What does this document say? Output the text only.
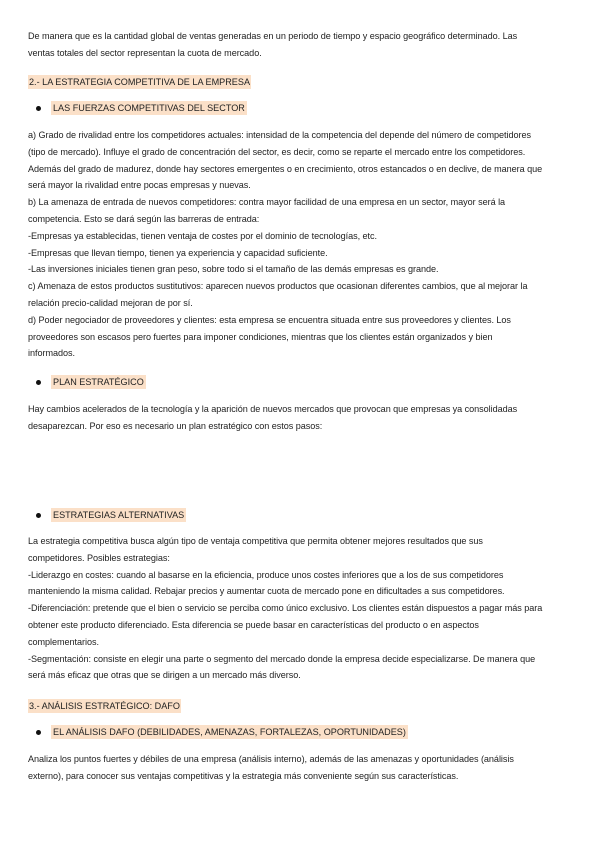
De manera que es la cantidad global de ventas generadas en un periodo de tiempo y espacio geográfico determinado. Las
ventas totales del sector representan la cuota de mercado.
2.- LA ESTRATEGIA COMPETITIVA DE LA EMPRESA
LAS FUERZAS COMPETITIVAS DEL SECTOR
a) Grado de rivalidad entre los competidores actuales: intensidad de la competencia del depende del número de competidores
(tipo de mercado). Influye el grado de concentración del sector, es decir, como se reparte el mercado entre los competidores.
Además del grado de madurez, donde hay sectores emergentes o en crecimiento, otros estancados o en declive, de manera que
será mayor la rivalidad entre pocas empresas y nuevas.
b) La amenaza de entrada de nuevos competidores: contra mayor facilidad de una empresa en un sector, mayor será la
competencia. Esto se dará según las barreras de entrada:
-Empresas ya establecidas, tienen ventaja de costes por el dominio de tecnologías, etc.
-Empresas que llevan tiempo, tienen ya experiencia y capacidad suficiente.
-Las inversiones iniciales tienen gran peso, sobre todo si el tamaño de las demás empresas es grande.
c) Amenaza de estos productos sustitutivos: aparecen nuevos productos que ocasionan diferentes cambios, que al mejorar la
relación precio-calidad mejoran de por sí.
d) Poder negociador de proveedores y clientes: esta empresa se encuentra situada entre sus proveedores y clientes. Los
proveedores son escasos pero fuertes para imponer condiciones, mientras que los clientes están organizados y bien
informados.
PLAN ESTRATÉGICO
Hay cambios acelerados de la tecnología y la aparición de nuevos mercados que provocan que empresas ya consolidadas
desaparezcan. Por eso es necesario un plan estratégico con estos pasos:
ESTRATEGIAS ALTERNATIVAS
La estrategia competitiva busca algún tipo de ventaja competitiva que permita obtener mejores resultados que sus
competidores. Posibles estrategias:
-Liderazgo en costes: cuando al basarse en la eficiencia, produce unos costes inferiores que a los de sus competidores
manteniendo la misma calidad. Rebajar precios y aumentar cuota de mercado pone en dificultades a sus competidores.
-Diferenciación: pretende que el bien o servicio se perciba como único exclusivo. Los clientes están dispuestos a pagar más para
obtener este producto diferenciado. Esta diferencia se puede basar en características del producto o en aspectos
complementarios.
-Segmentación: consiste en elegir una parte o segmento del mercado donde la empresa decide especializarse. De manera que
será más eficaz que otras que se dirigen a un mercado más diverso.
3.- ANÁLISIS ESTRATÉGICO: DAFO
EL ANÁLISIS DAFO (DEBILIDADES, AMENAZAS, FORTALEZAS, OPORTUNIDADES)
Analiza los puntos fuertes y débiles de una empresa (análisis interno), además de las amenazas y oportunidades (análisis
externo), para conocer sus ventajas competitivas y la estrategia más conveniente según sus características.
